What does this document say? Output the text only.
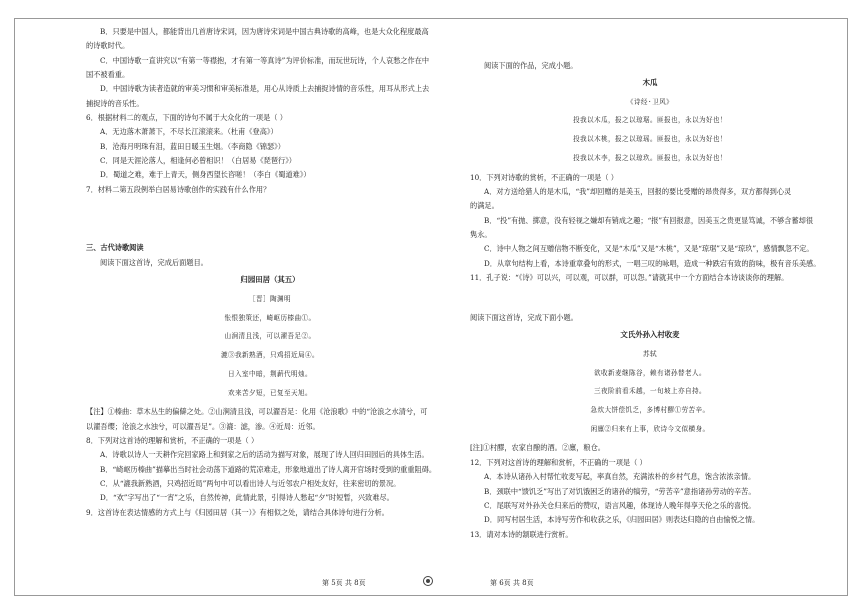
B．只要是中国人，都能背出几首唐诗宋词，因为唐诗宋词是中国古典诗歌的高峰，也是大众化程度最高

的诗歌时代。

C．中国诗歌一直讲究以“有第一等襟抱，才有第一等真诗”为评价标准，而玩世玩诗，个人哀愁之作在中

国不被看重。

D．中国诗歌为读者造就的审美习惯和审美标准是，用心从诗质上去捕捉诗情的音乐性，用耳从形式上去

捕捉诗的音乐性。

6．根据材料二的观点，下面的诗句不属于大众化的一项是（ ）

A．无边落木萧萧下，不尽长江滚滚来。（杜甫《登高》）

B．沧海月明珠有泪，蓝田日暖玉生烟。（李商隐《锦瑟》）

C．同是天涯沦落人，相逢何必曾相识！（白居易《琵琶行》）

D．蜀道之难，难于上青天，侧身西望长咨嗟！（李白《蜀道难》）

7．材料二第五段例举白居易诗歌创作的实践有什么作用？

三、古代诗歌阅读

阅读下面这首诗，完成后面题目。

归园田居（其五）

［晋］陶渊明

怅恨独策还，崎岖历榛曲①。

山涧清且浅，可以濯吾足②。

漉③我新熟酒，只鸡招近局④。

日入室中暗，荆薪代明烛。

欢来苦夕短，已复至天旭。

【注】①榛曲：草木丛生的偏僻之处。②山涧清且浅，可以濯吾足：化用《沧浪歌》中的“沧浪之水清兮，可

以濯吾缨；沧浪之水浊兮，可以濯吾足”。③漉：滤，渗。④近局：近邻。

8．下列对这首诗的理解和赏析，不正确的一项是（ ）

A．诗歌以诗人一天耕作完回家路上和到家之后的活动为描写对象，展现了诗人回归田园后的具体生活。

B．“崎岖历榛曲”描摹出当时社会动荡下道路的荒凉难走，形象地道出了诗人离开官场时受到的重重阻碍。

C．从“漉我新熟酒，只鸡招近局”两句中可以看出诗人与近邻农户相处友好，往来密切的景况。

D．“欢”字写出了“一宵”之乐，自然传神，此情此景，引得诗人愁起“夕”时短暂，兴致难尽。

9．这首诗在表达情感的方式上与《归园田居（其一）》有相似之处，请结合具体诗句进行分析。

阅读下面的作品，完成小题。

木瓜

《诗经·卫风》

投我以木瓜，报之以琼琚。匪报也，永以为好也！

投我以木桃，报之以琼瑶。匪报也，永以为好也！

投我以木李，报之以琼玖。匪报也，永以为好也！

10．下列对诗歌的赏析，不正确的一项是（ ）

A．对方送给猎人的是木瓜，“我”却回赠的是美玉，回报的要比受赠的昂贵得多，双方都得到心灵

的满足。

B．“投”有抛、掷意，没有轻视之嫌却有销成之趣；“报”有回报意，因美玉之贵更显笃诚，不够含蓄却很

隽永。

C．诗中人物之间互赠信物不断变化，又是“木瓜”又是“木桃”，又是“琼琚”又是“琼玖”，感情飘忽不定。

D．从章句结构上看，本诗重章叠句的形式，一唱三叹的咏唱，造成一种跌宕有致的韵味，极有音乐美感。

11．孔子说：“《诗》可以兴，可以观，可以群，可以怨。”请就其中一个方面结合本诗谈谈你的理解。

阅读下面这首诗，完成下面小题。

文氏外孙入村收麦

苏轼

欲收新麦继陈谷，赖有诸孙替老人。

三夜阶前看禾越，一旬坡上亦自持。

急炊大饼偿饥乏，多博村醪①劳苦辛。

闲廪②归来有上事，欣诗今文似横身。

[注]①村醪，农家自酿的酒。②廪，粮仓。

12．下列对这首诗的理解和赏析，不正确的一项是（ ）

A．本诗从诸孙入村帮忙收麦写起，率真自然，充满浓朴的乡村气息，饱含浓浓亲情。

B．颈联中“馈饥乏”写出了对饥饿困乏的诸孙的犒劳，“劳苦辛”意指诸孙劳动的辛苦。

C．尾联写对外孙关仓归来后的赞叹，语言风趣，体现诗人晚年得享天伦之乐的喜悦。

D．同写村居生活，本诗写劳作和收获之乐，《归园田居》则表达归隐的自由愉悦之情。

13．请对本诗的颔联进行赏析。

第 5页 共 8页	第 6页 共 8页
